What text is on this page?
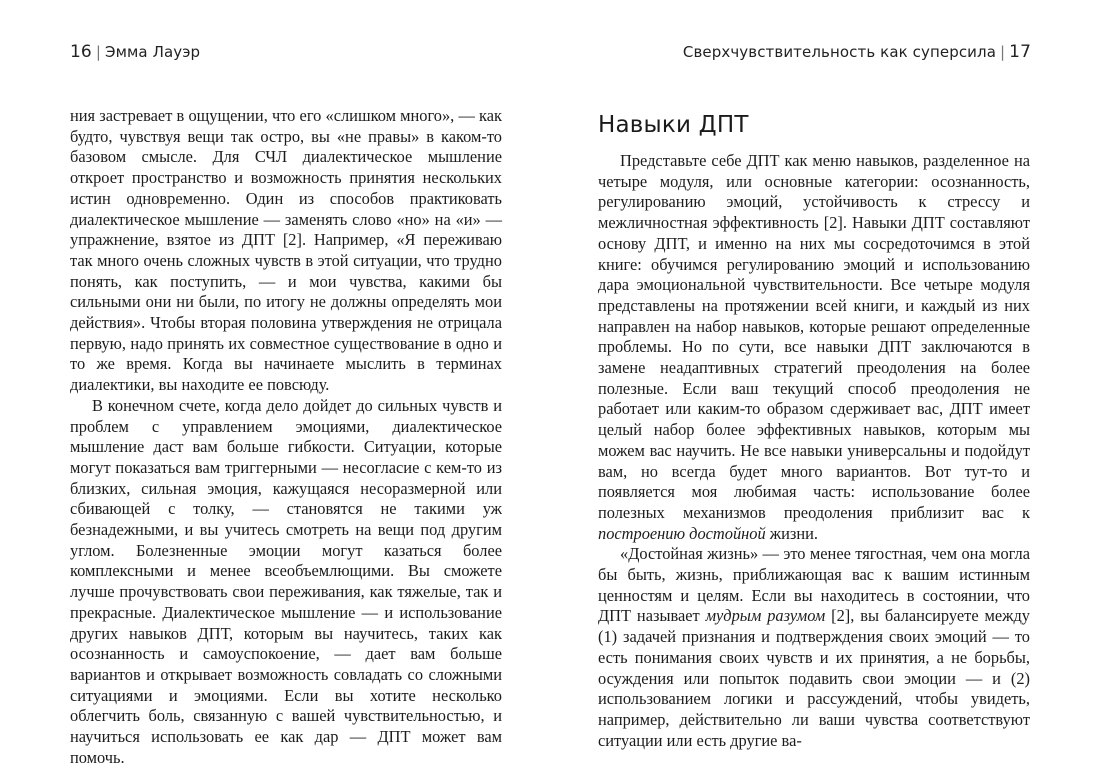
16 | Эмма Лауэр

ния застревает в ощущении, что его «слишком много», — как будто, чувствуя вещи так остро, вы «не правы» в каком-то базовом смысле. Для СЧЛ диалектическое мышление откроет пространство и возможность принятия нескольких истин одновременно. Один из способов практиковать диалектическое мышление — заменять слово «но» на «и» — упражнение, взятое из ДПТ [2]. Например, «Я переживаю так много очень сложных чувств в этой ситуации, что трудно понять, как поступить, — и мои чувства, какими бы сильными они ни были, по итогу не должны определять мои действия». Чтобы вторая половина утверждения не отрицала первую, надо принять их совместное существование в одно и то же время. Когда вы начинаете мыслить в терминах диалектики, вы находите ее повсюду.

В конечном счете, когда дело дойдет до сильных чувств и проблем с управлением эмоциями, диалектическое мышление даст вам больше гибкости. Ситуации, которые могут показаться вам триггерными — несогласие с кем-то из близких, сильная эмоция, кажущаяся несоразмерной или сбивающей с толку, — становятся не такими уж безнадежными, и вы учитесь смотреть на вещи под другим углом. Болезненные эмоции могут казаться более комплексными и менее всеобъемлющими. Вы сможете лучше прочувствовать свои переживания, как тяжелые, так и прекрасные. Диалектическое мышление — и использование других навыков ДПТ, которым вы научитесь, таких как осознанность и самоуспокоение, — дает вам больше вариантов и открывает возможность совладать со сложными ситуациями и эмоциями. Если вы хотите несколько облегчить боль, связанную с вашей чувствительностью, и научиться использовать ее как дар — ДПТ может вам помочь.

Сверхчувствительность как суперсила | 17
Навыки ДПТ

Представьте себе ДПТ как меню навыков, разделенное на четыре модуля, или основные категории: осознанность, регулированию эмоций, устойчивость к стрессу и межличностная эффективность [2]. Навыки ДПТ составляют основу ДПТ, и именно на них мы сосредоточимся в этой книге: обучимся регулированию эмоций и использованию дара эмоциональной чувствительности. Все четыре модуля представлены на протяжении всей книги, и каждый из них направлен на набор навыков, которые решают определенные проблемы. Но по сути, все навыки ДПТ заключаются в замене неадаптивных стратегий преодоления на более полезные. Если ваш текущий способ преодоления не работает или каким-то образом сдерживает вас, ДПТ имеет целый набор более эффективных навыков, которым мы можем вас научить. Не все навыки универсальны и подойдут вам, но всегда будет много вариантов. Вот тут-то и появляется моя любимая часть: использование более полезных механизмов преодоления приблизит вас к построению достойной жизни.

«Достойная жизнь» — это менее тягостная, чем она могла бы быть, жизнь, приближающая вас к вашим истинным ценностям и целям. Если вы находитесь в состоянии, что ДПТ называет мудрым разумом [2], вы балансируете между (1) задачей признания и подтверждения своих эмоций — то есть понимания своих чувств и их принятия, а не борьбы, осуждения или попыток подавить свои эмоции — и (2) использованием логики и рассуждений, чтобы увидеть, например, действительно ли ваши чувства соответствуют ситуации или есть другие ва-
